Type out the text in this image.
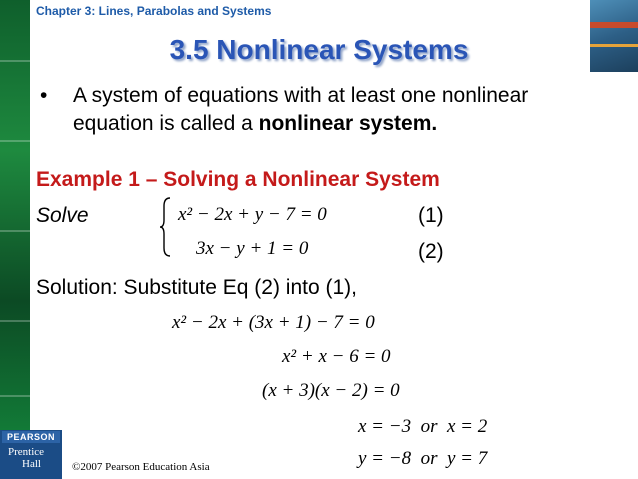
Chapter 3: Lines, Parabolas and Systems
3.5 Nonlinear Systems
• A system of equations with at least one nonlinear
equation is called a nonlinear system.
Example 1 – Solving a Nonlinear System
Solve	x² − 2x + y − 7 = 0	(1)
3x − y + 1 = 0	(2)
Solution: Substitute Eq (2) into (1),
x² − 2x + (3x + 1) − 7 = 0
x² + x − 6 = 0
(x + 3)(x − 2) = 0
x = −3  or  x = 2
y = −8  or  y = 7
PEARSON
Prentice
Hall	©2007 Pearson Education Asia
